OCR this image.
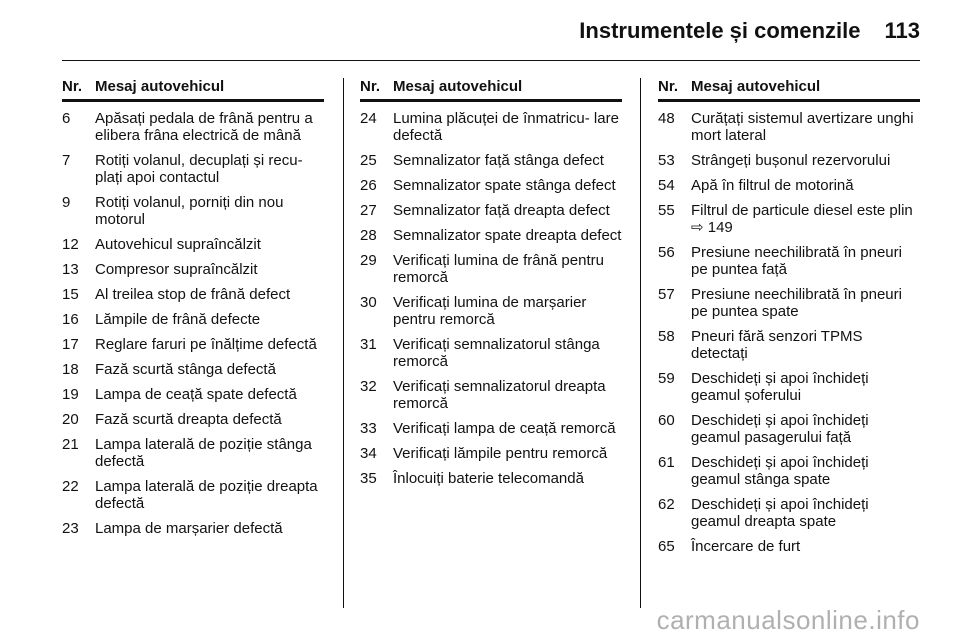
Instrumentele și comenzile 113
Nr. Mesaj autovehicul
6	Apăsați pedala de frână pentru a elibera frâna electrică de mână
7	Rotiți volanul, decuplați și recu- plați apoi contactul
9	Rotiți volanul, porniți din nou motorul
12	Autovehicul supraîncălzit
13	Compresor supraîncălzit
15	Al treilea stop de frână defect
16	Lămpile de frână defecte
17	Reglare faruri pe înălțime defectă
18	Fază scurtă stânga defectă
19	Lampa de ceață spate defectă
20	Fază scurtă dreapta defectă
21	Lampa laterală de poziție stânga defectă
22	Lampa laterală de poziție dreapta defectă
23	Lampa de marșarier defectă
Nr. Mesaj autovehicul
24	Lumina plăcuței de înmatricu- lare defectă
25	Semnalizator față stânga defect
26	Semnalizator spate stânga defect
27	Semnalizator față dreapta defect
28	Semnalizator spate dreapta defect
29	Verificați lumina de frână pentru remorcă
30	Verificați lumina de marșarier pentru remorcă
31	Verificați semnalizatorul stânga remorcă
32	Verificați semnalizatorul dreapta remorcă
33	Verificați lampa de ceață remorcă
34	Verificați lămpile pentru remorcă
35	Înlocuiți baterie telecomandă
Nr. Mesaj autovehicul
48	Curățați sistemul avertizare unghi mort lateral
53	Strângeți bușonul rezervorului
54	Apă în filtrul de motorină
55	Filtrul de particule diesel este plin ⇨ 149
56	Presiune neechilibrată în pneuri pe puntea față
57	Presiune neechilibrată în pneuri pe puntea spate
58	Pneuri fără senzori TPMS detectați
59	Deschideți și apoi închideți geamul șoferului
60	Deschideți și apoi închideți geamul pasagerului față
61	Deschideți și apoi închideți geamul stânga spate
62	Deschideți și apoi închideți geamul dreapta spate
65	Încercare de furt
carmanualsonline.info
